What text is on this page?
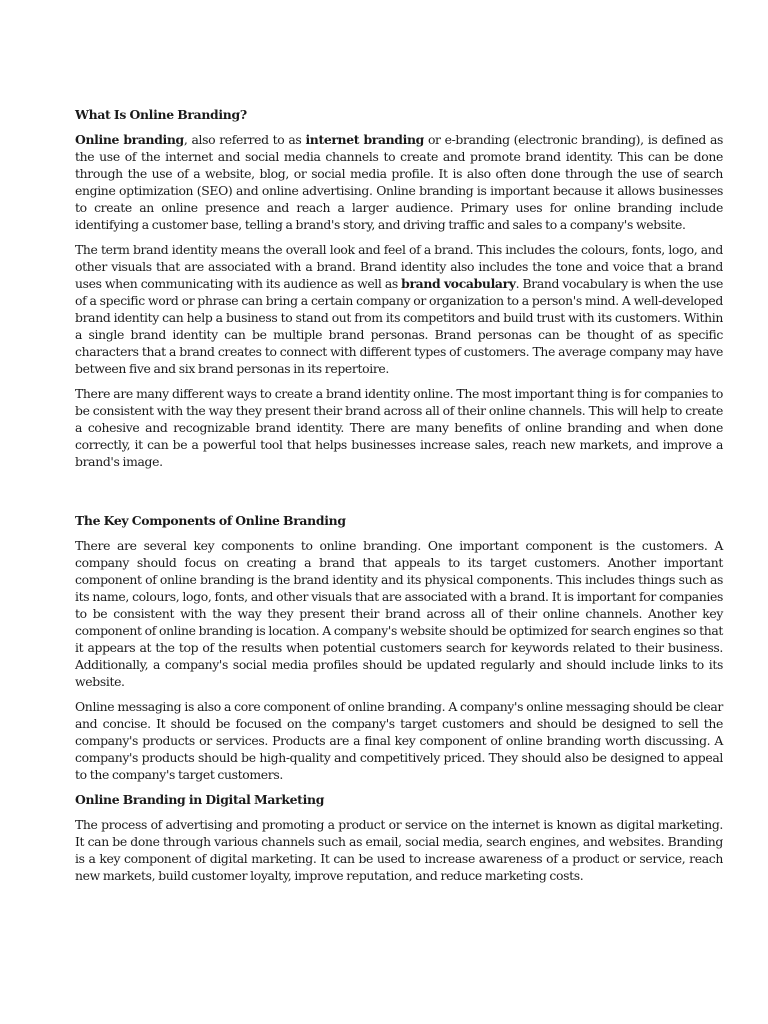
What Is Online Branding?

Online branding, also referred to as internet branding or e-branding (electronic branding), is defined as the use of the internet and social media channels to create and promote brand identity. This can be done through the use of a website, blog, or social media profile. It is also often done through the use of search engine optimization (SEO) and online advertising. Online branding is important because it allows businesses to create an online presence and reach a larger audience. Primary uses for online branding include identifying a customer base, telling a brand's story, and driving traffic and sales to a company's website.

The term brand identity means the overall look and feel of a brand. This includes the colours, fonts, logo, and other visuals that are associated with a brand. Brand identity also includes the tone and voice that a brand uses when communicating with its audience as well as brand vocabulary. Brand vocabulary is when the use of a specific word or phrase can bring a certain company or organization to a person's mind. A well-developed brand identity can help a business to stand out from its competitors and build trust with its customers. Within a single brand identity can be multiple brand personas. Brand personas can be thought of as specific characters that a brand creates to connect with different types of customers. The average company may have between five and six brand personas in its repertoire.

There are many different ways to create a brand identity online. The most important thing is for companies to be consistent with the way they present their brand across all of their online channels. This will help to create a cohesive and recognizable brand identity. There are many benefits of online branding and when done correctly, it can be a powerful tool that helps businesses increase sales, reach new markets, and improve a brand's image.

The Key Components of Online Branding

There are several key components to online branding. One important component is the customers. A company should focus on creating a brand that appeals to its target customers. Another important component of online branding is the brand identity and its physical components. This includes things such as its name, colours, logo, fonts, and other visuals that are associated with a brand. It is important for companies to be consistent with the way they present their brand across all of their online channels. Another key component of online branding is location. A company's website should be optimized for search engines so that it appears at the top of the results when potential customers search for keywords related to their business. Additionally, a company's social media profiles should be updated regularly and should include links to its website.

Online messaging is also a core component of online branding. A company's online messaging should be clear and concise. It should be focused on the company's target customers and should be designed to sell the company's products or services. Products are a final key component of online branding worth discussing. A company's products should be high-quality and competitively priced. They should also be designed to appeal to the company's target customers.

Online Branding in Digital Marketing

The process of advertising and promoting a product or service on the internet is known as digital marketing. It can be done through various channels such as email, social media, search engines, and websites. Branding is a key component of digital marketing. It can be used to increase awareness of a product or service, reach new markets, build customer loyalty, improve reputation, and reduce marketing costs.
